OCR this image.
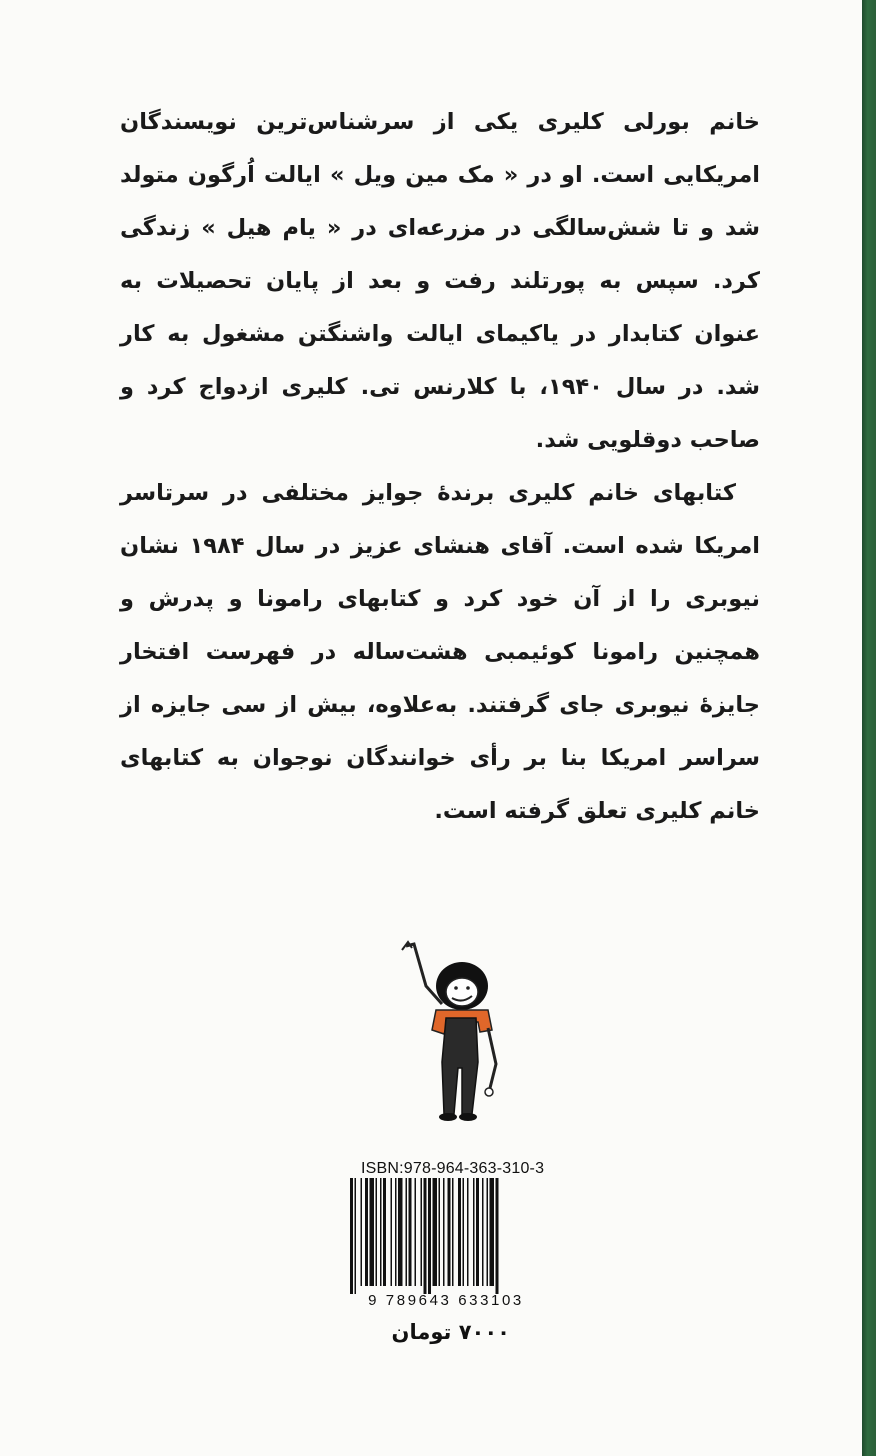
خانم بورلی کلیری یکی از سرشناس‌ترین نویسندگان امریکایی است. او در « مک مین ویل » ایالت اُرگون متولد شد و تا شش‌سالگی در مزرعه‌ای در « یام هیل » زندگی کرد. سپس به پورتلند رفت و بعد از پایان تحصیلات به عنوان کتابدار در یاکیمای ایالت واشنگتن مشغول به کار شد. در سال ۱۹۴۰، با کلارنس تی. کلیری ازدواج کرد و صاحب دوقلویی شد.

کتابهای خانم کلیری برندهٔ جوایز مختلفی در سرتاسر امریکا شده است. آقای هنشای عزیز در سال ۱۹۸۴ نشان نیوبری را از آن خود کرد و کتابهای رامونا و پدرش و همچنین رامونا کوئیمبی هشت‌ساله در فهرست افتخار جایزهٔ نیوبری جای گرفتند. به‌علاوه، بیش از سی جایزه از سراسر امریکا بنا بر رأی خوانندگان نوجوان به کتابهای خانم کلیری تعلق گرفته است.

ISBN:978-964-363-310-3
9 789643 633103
۷۰۰۰ تومان
